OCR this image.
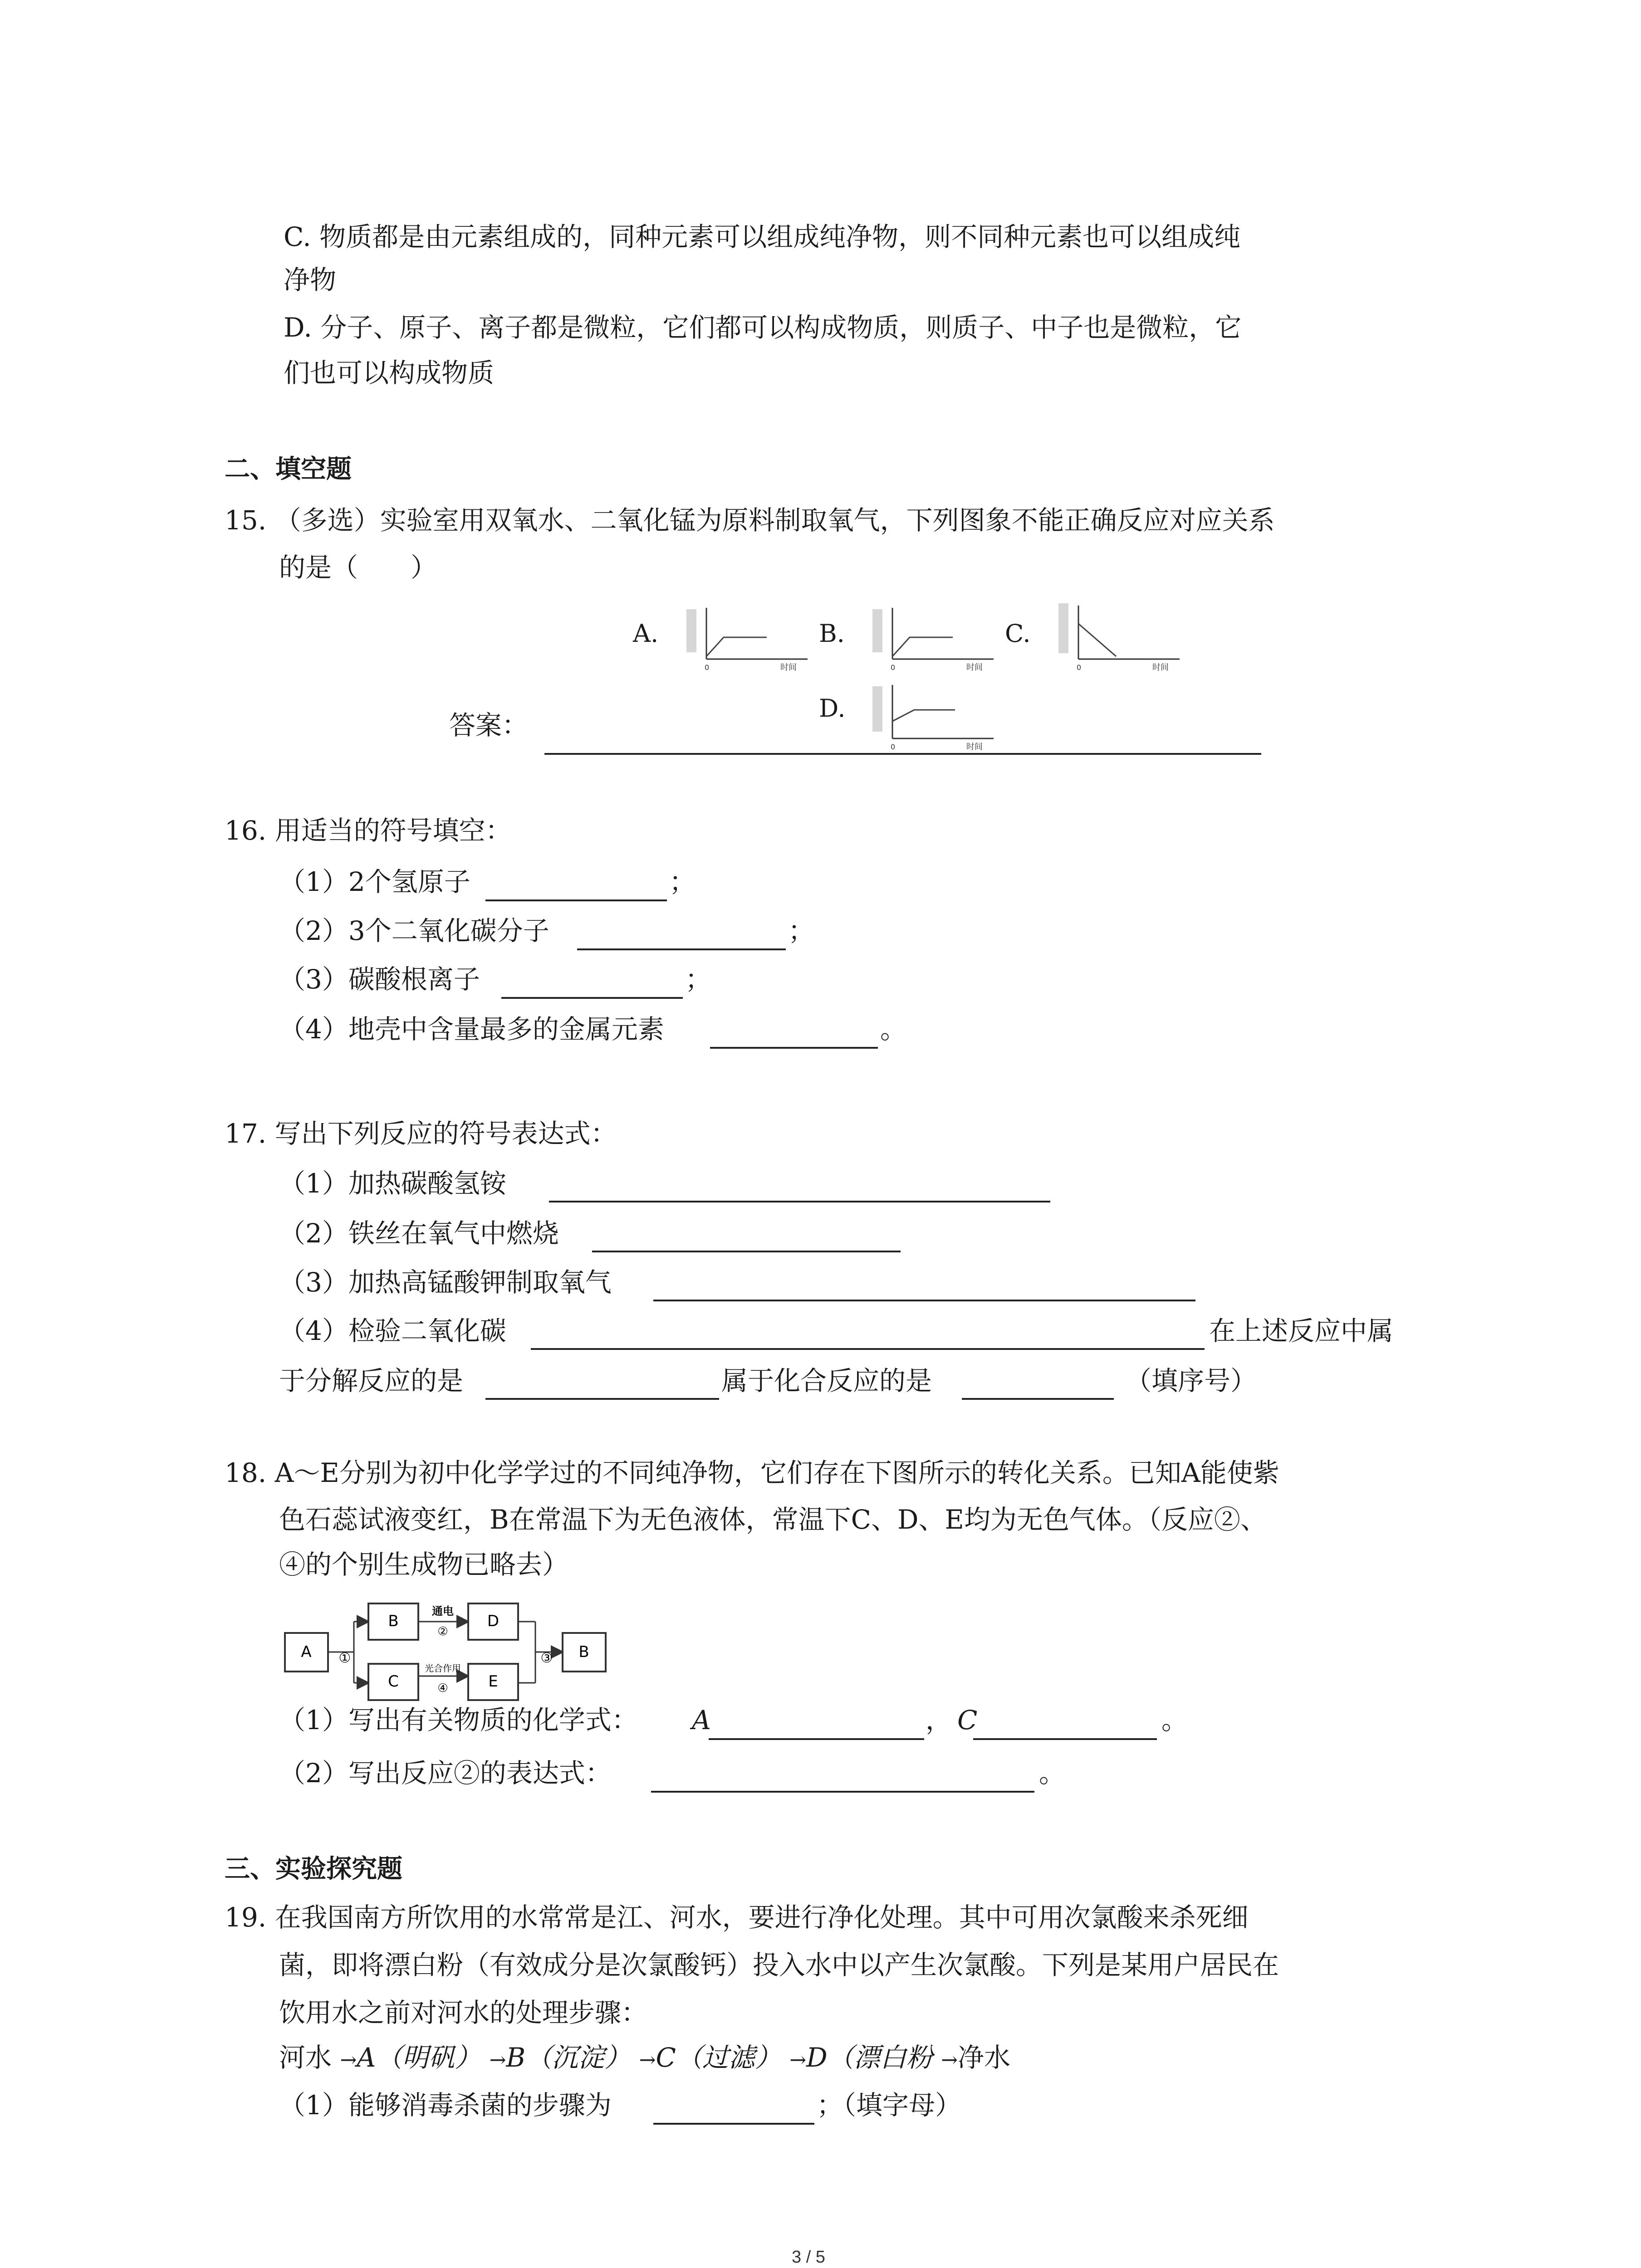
C. 物质都是由元素组成的，同种元素可以组成纯净物，则不同种元素也可以组成纯
净物
D. 分子、原子、离子都是微粒，它们都可以构成物质，则质子、中子也是微粒，它
们也可以构成物质
二、填空题
15. （多选）实验室用双氧水、二氧化锰为原料制取氧气，下列图象不能正确反应对应关系
的是（　　）
A.	B.	C.
D.
0	时间	0	时间	0	时间
0	时间
答案：
16. 用适当的符号填空：
（1）2个氢原子	；
（2）3个二氧化碳分子	；
（3）碳酸根离子	；
（4）地壳中含量最多的金属元素	。
17. 写出下列反应的符号表达式：
（1）加热碳酸氢铵
（2）铁丝在氧气中燃烧
（3）加热高锰酸钾制取氧气
（4）检验二氧化碳	在上述反应中属
于分解反应的是	属于化合反应的是	（填序号）
18. A～E分别为初中化学学过的不同纯净物，它们存在下图所示的转化关系。已知A能使紫
色石蕊试液变红，B在常温下为无色液体，常温下C、D、E均为无色气体。（反应②、
④的个别生成物已略去）
A ①
B
C
通电
②
光合作用
④
D
E
③ B
（1）写出有关物质的化学式： A	， C	。
（2）写出反应②的表达式：	。
三、实验探究题
19. 在我国南方所饮用的水常常是江、河水，要进行净化处理。其中可用次氯酸来杀死细
菌，即将漂白粉（有效成分是次氯酸钙）投入水中以产生次氯酸。下列是某用户居民在
饮用水之前对河水的处理步骤：
河水 →A（明矾） →B（沉淀） →C（过滤） →D（漂白粉 →净水
（1）能够消毒杀菌的步骤为	；（填字母）
3 / 5
